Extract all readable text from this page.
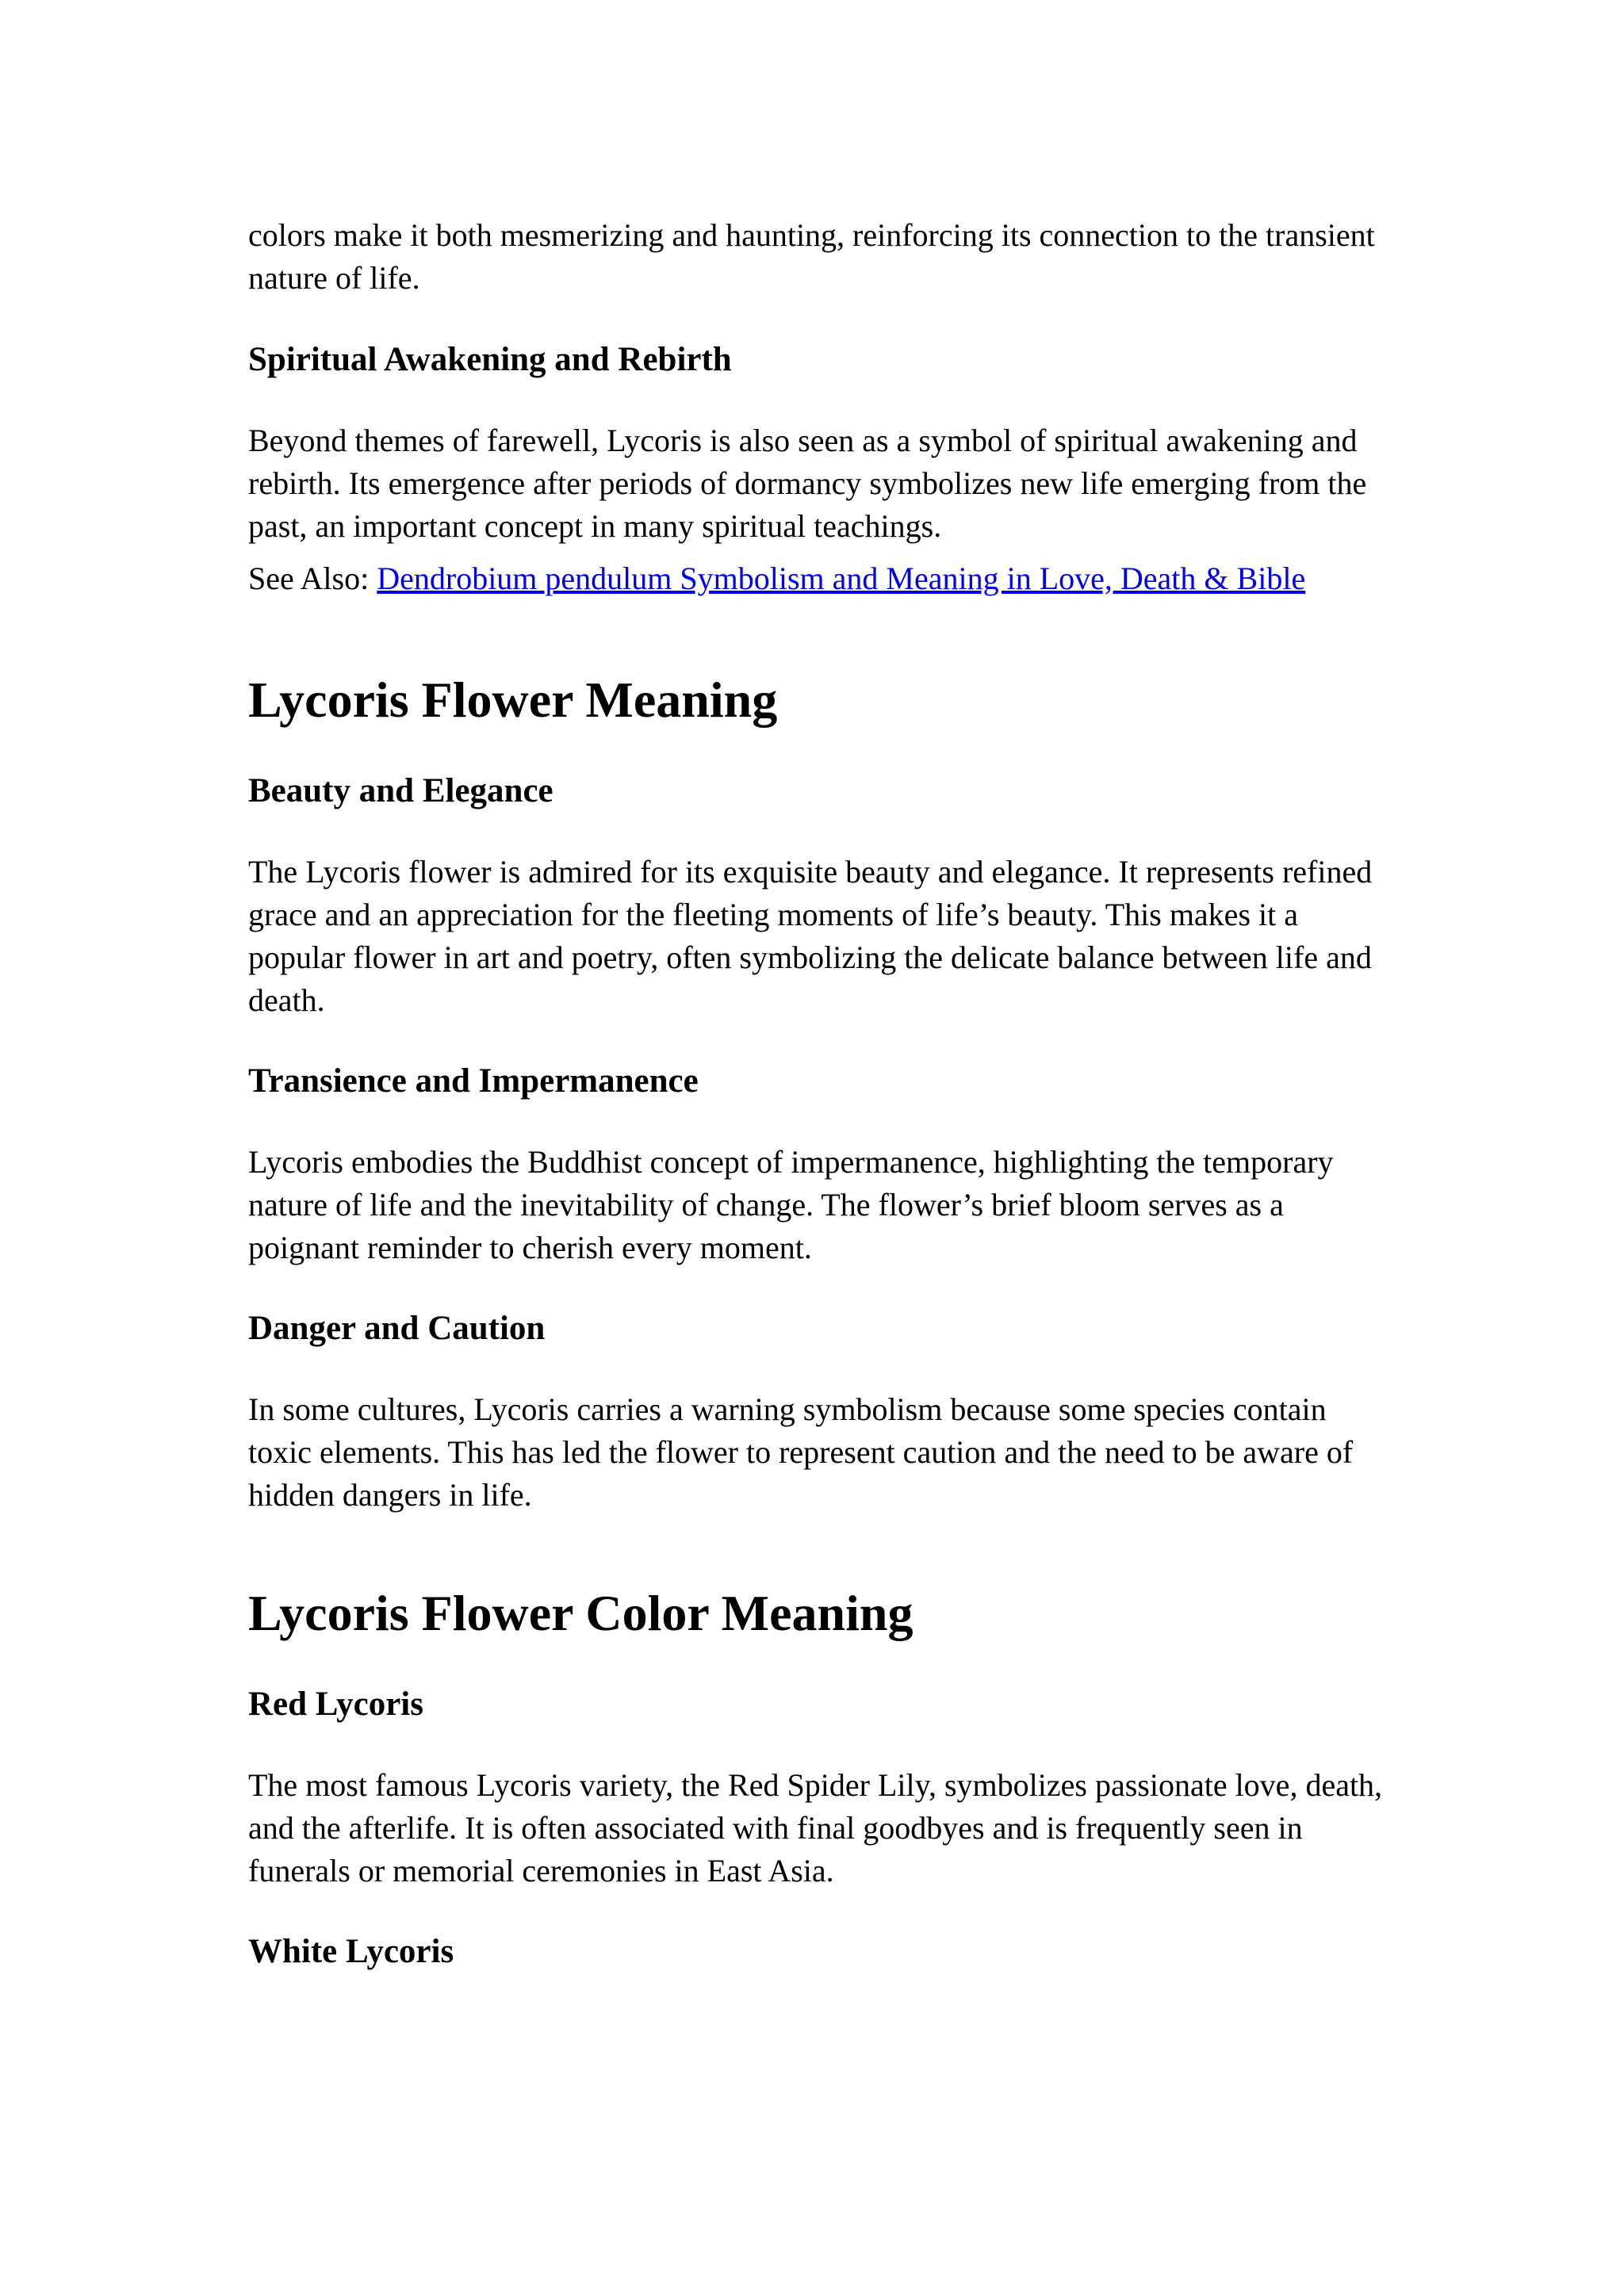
colors make it both mesmerizing and haunting, reinforcing its connection to the transient nature of life.

Spiritual Awakening and Rebirth

Beyond themes of farewell, Lycoris is also seen as a symbol of spiritual awakening and rebirth. Its emergence after periods of dormancy symbolizes new life emerging from the past, an important concept in many spiritual teachings.

See Also: Dendrobium pendulum Symbolism and Meaning in Love, Death & Bible

Lycoris Flower Meaning
Beauty and Elegance

The Lycoris flower is admired for its exquisite beauty and elegance. It represents refined grace and an appreciation for the fleeting moments of life’s beauty. This makes it a popular flower in art and poetry, often symbolizing the delicate balance between life and death.

Transience and Impermanence

Lycoris embodies the Buddhist concept of impermanence, highlighting the temporary nature of life and the inevitability of change. The flower’s brief bloom serves as a poignant reminder to cherish every moment.

Danger and Caution

In some cultures, Lycoris carries a warning symbolism because some species contain toxic elements. This has led the flower to represent caution and the need to be aware of hidden dangers in life.

Lycoris Flower Color Meaning
Red Lycoris

The most famous Lycoris variety, the Red Spider Lily, symbolizes passionate love, death, and the afterlife. It is often associated with final goodbyes and is frequently seen in funerals or memorial ceremonies in East Asia.

White Lycoris
